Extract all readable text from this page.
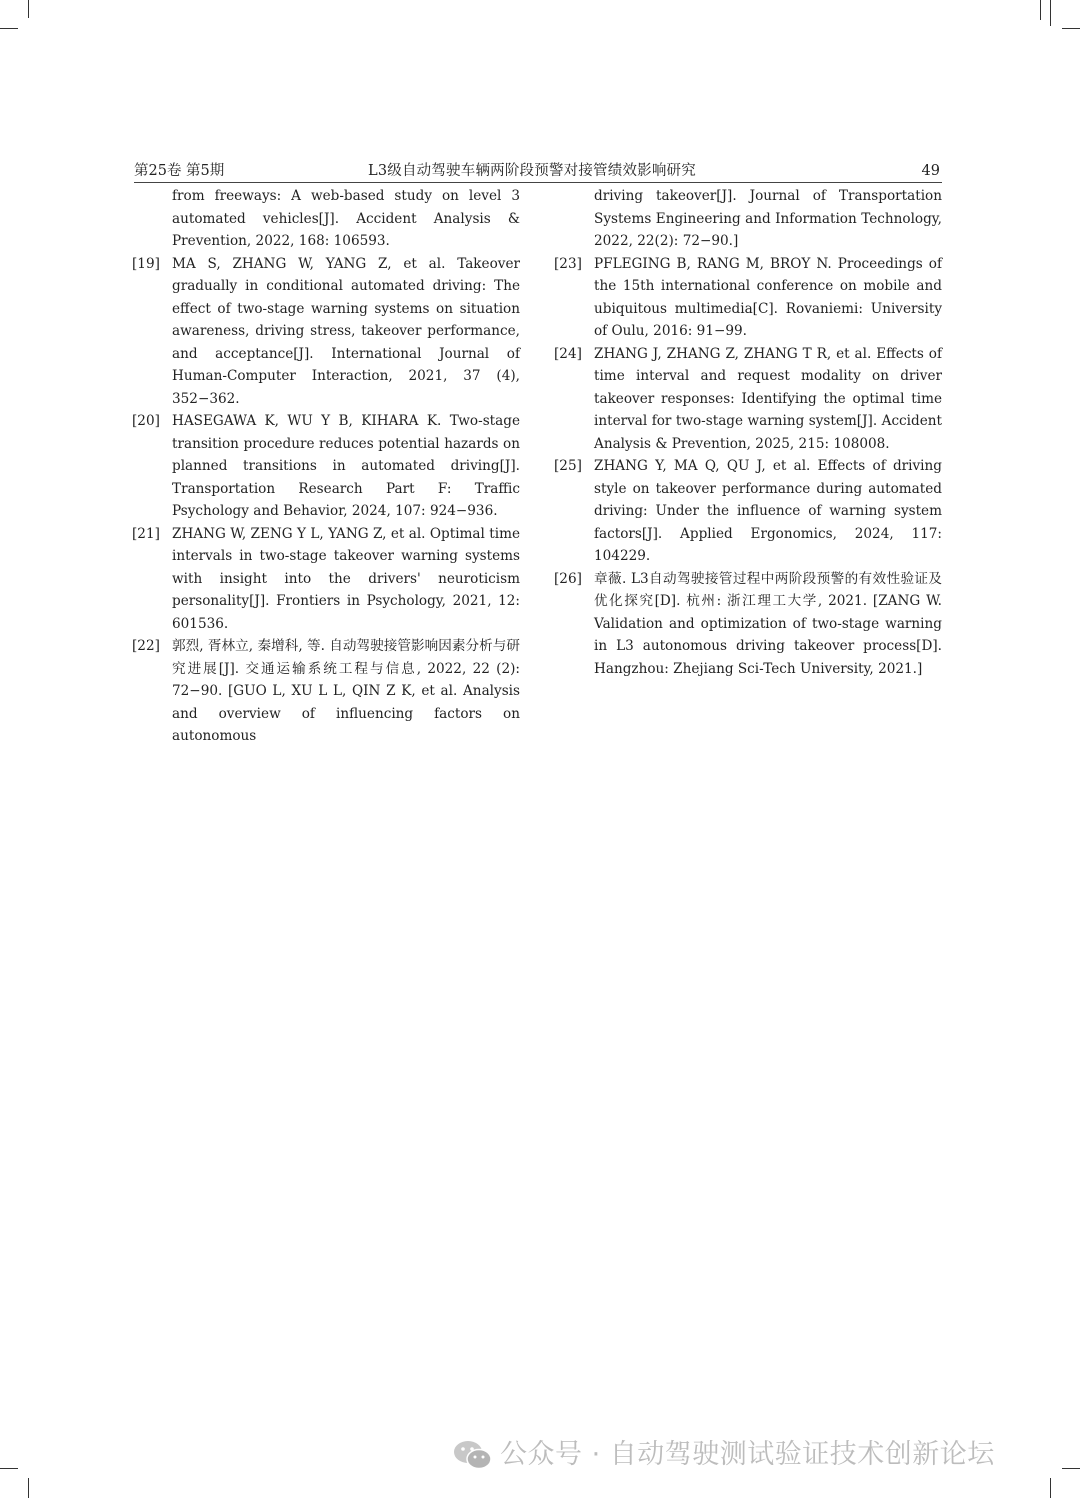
第25卷 第5期	L3级自动驾驶车辆两阶段预警对接管绩效影响研究	49

from freeways: A web-based study on level 3 automated vehicles[J]. Accident Analysis & Prevention, 2022, 168: 106593.

[19] MA S, ZHANG W, YANG Z, et al. Takeover gradually in conditional automated driving: The effect of two-stage warning systems on situation awareness, driving stress, takeover performance, and acceptance[J]. International Journal of Human-Computer Interaction, 2021, 37 (4), 352−362.

[20] HASEGAWA K, WU Y B, KIHARA K. Two-stage transition procedure reduces potential hazards on planned transitions in automated driving[J]. Transportation Research Part F: Traffic Psychology and Behavior, 2024, 107: 924−936.

[21] ZHANG W, ZENG Y L, YANG Z, et al. Optimal time intervals in two-stage takeover warning systems with insight into the drivers' neuroticism personality[J]. Frontiers in Psychology, 2021, 12: 601536.

[22] 郭烈, 胥林立, 秦增科, 等. 自动驾驶接管影响因素分析与研究进展[J]. 交通运输系统工程与信息, 2022, 22 (2): 72−90. [GUO L, XU L L, QIN Z K, et al. Analysis and overview of influencing factors on autonomous

driving takeover[J]. Journal of Transportation Systems Engineering and Information Technology, 2022, 22(2): 72−90.]

[23] PFLEGING B, RANG M, BROY N. Proceedings of the 15th international conference on mobile and ubiquitous multimedia[C]. Rovaniemi: University of Oulu, 2016: 91−99.

[24] ZHANG J, ZHANG Z, ZHANG T R, et al. Effects of time interval and request modality on driver takeover responses: Identifying the optimal time interval for two-stage warning system[J]. Accident Analysis & Prevention, 2025, 215: 108008.

[25] ZHANG Y, MA Q, QU J, et al. Effects of driving style on takeover performance during automated driving: Under the influence of warning system factors[J]. Applied Ergonomics, 2024, 117: 104229.

[26] 章薇. L3自动驾驶接管过程中两阶段预警的有效性验证及优化探究[D]. 杭州: 浙江理工大学, 2021. [ZANG W. Validation and optimization of two-stage warning in L3 autonomous driving takeover process[D]. Hangzhou: Zhejiang Sci-Tech University, 2021.]

公众号 · 自动驾驶测试验证技术创新论坛
